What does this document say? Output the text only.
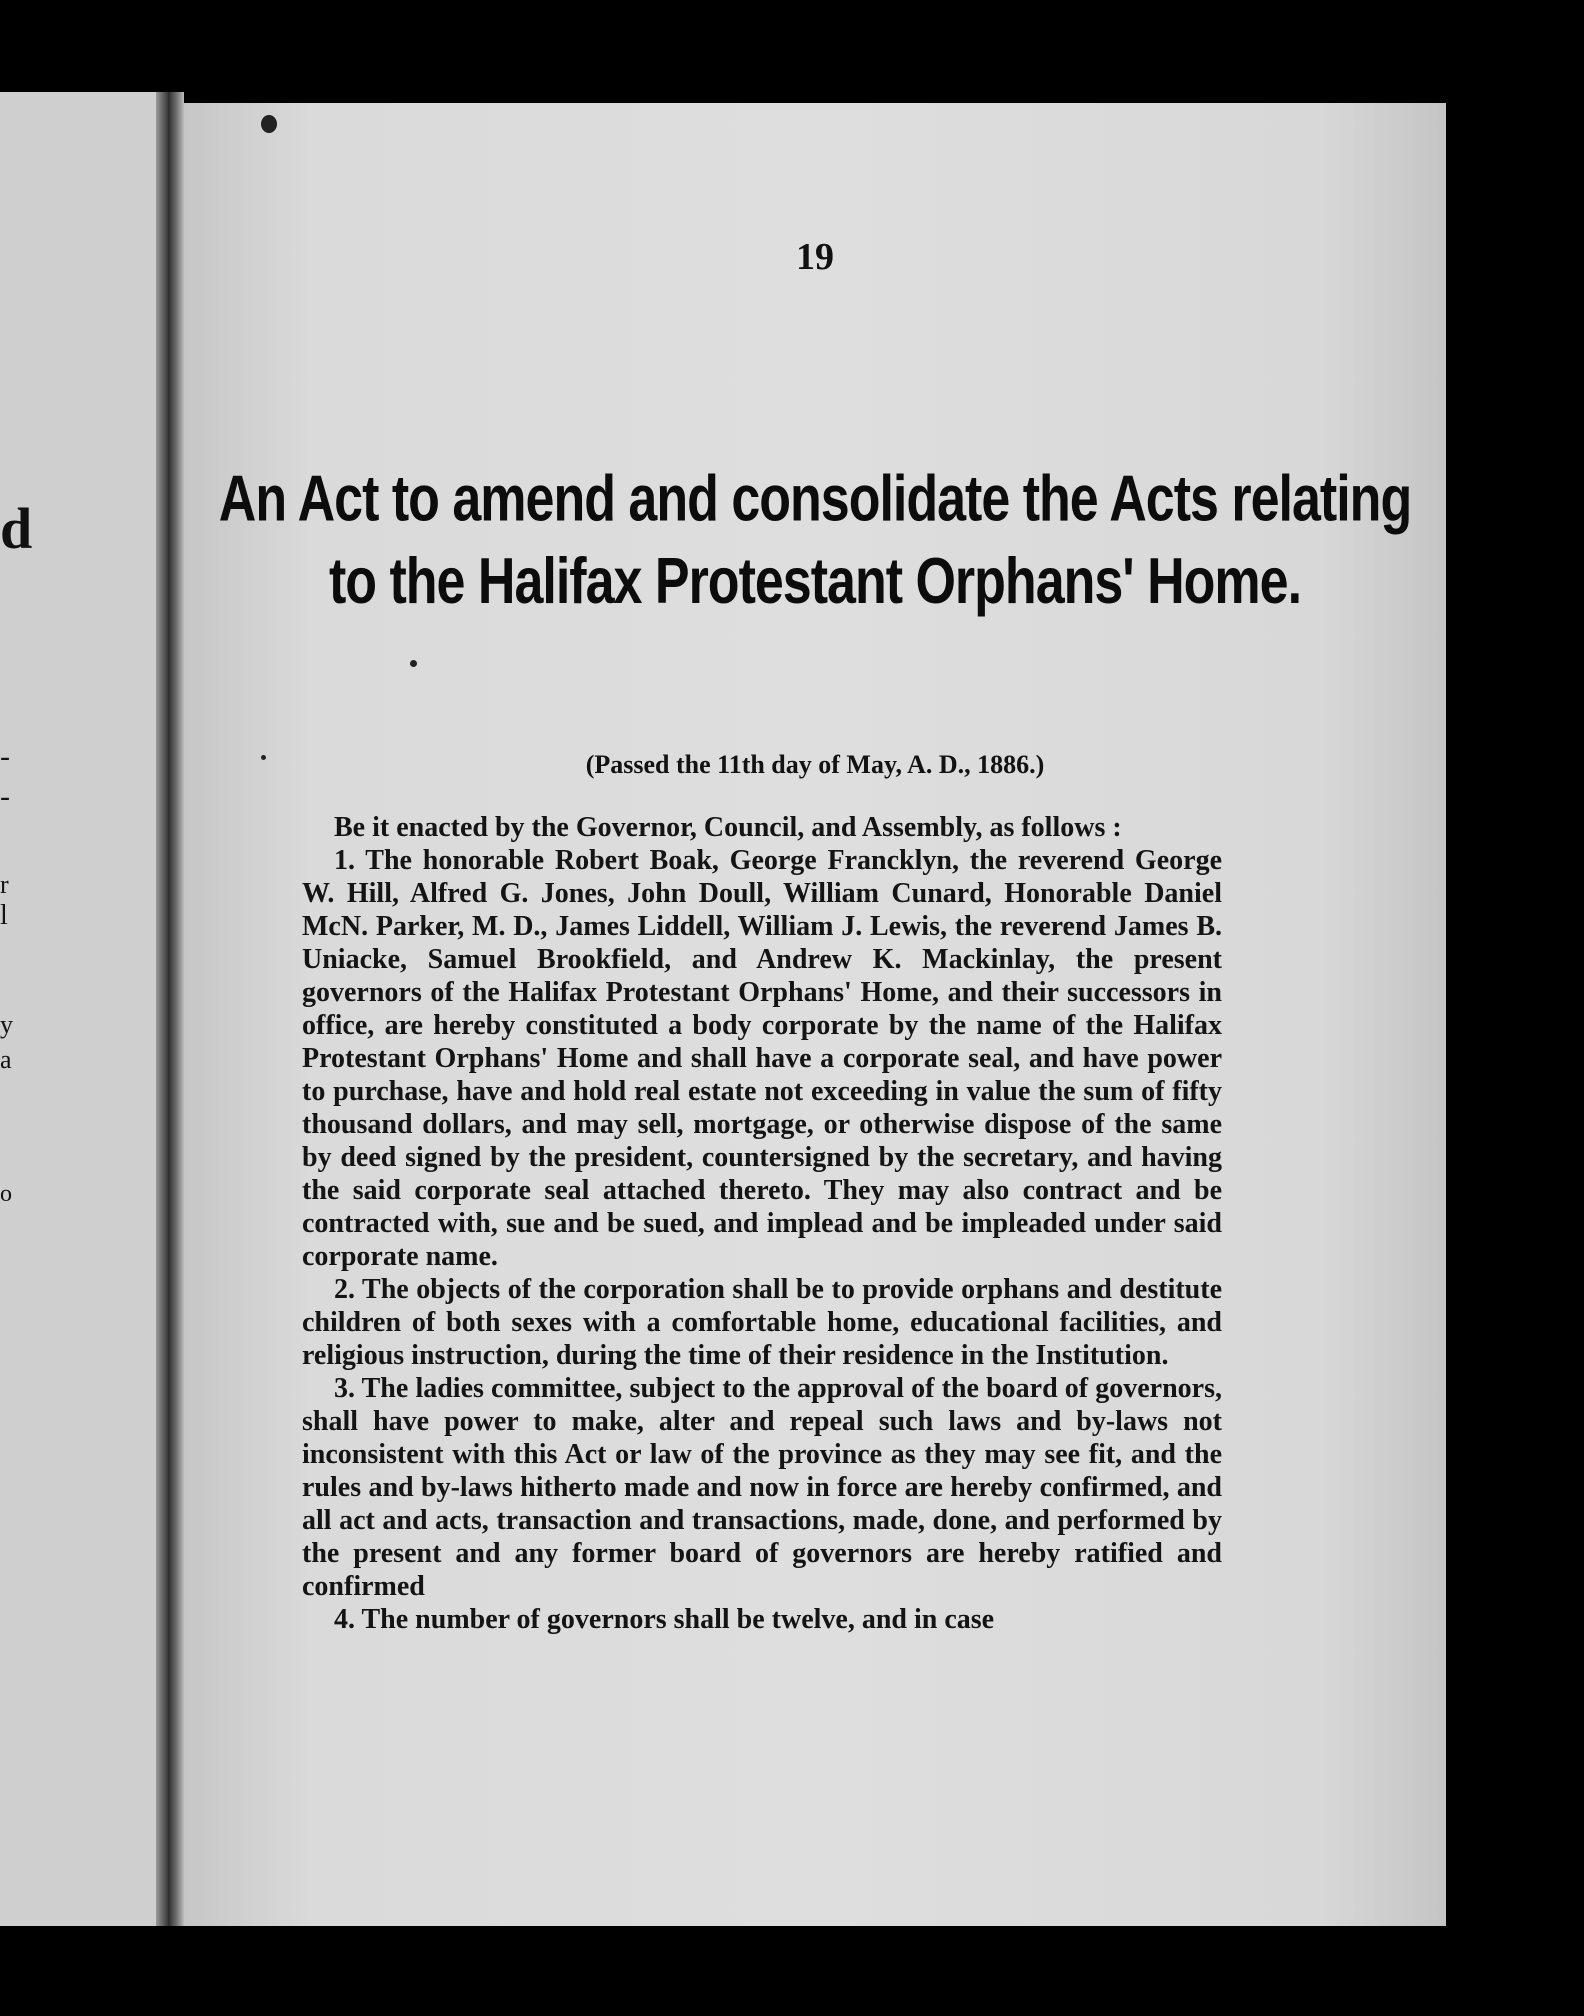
d
-
-
r
l
y
a
o
19
An Act to amend and consolidate the Acts relating
to the Halifax Protestant Orphans' Home.
(Passed the 11th day of May, A. D., 1886.)

Be it enacted by the Governor, Council, and Assembly, as follows :

1. The honorable Robert Boak, George Francklyn, the reverend George W. Hill, Alfred G. Jones, John Doull, William Cunard, Honorable Daniel McN. Parker, M. D., James Liddell, William J. Lewis, the reverend James B. Uniacke, Samuel Brookfield, and Andrew K. Mackinlay, the present governors of the Halifax Protestant Orphans' Home, and their successors in office, are hereby constituted a body corporate by the name of the Halifax Protestant Orphans' Home and shall have a corporate seal, and have power to purchase, have and hold real estate not exceeding in value the sum of fifty thousand dollars, and may sell, mortgage, or otherwise dispose of the same by deed signed by the president, countersigned by the secretary, and having the said corporate seal attached thereto. They may also contract and be contracted with, sue and be sued, and implead and be impleaded under said corporate name.

2. The objects of the corporation shall be to provide orphans and destitute children of both sexes with a comfortable home, educational facilities, and religious instruction, during the time of their residence in the Institution.

3. The ladies committee, subject to the approval of the board of governors, shall have power to make, alter and repeal such laws and by-laws not inconsistent with this Act or law of the province as they may see fit, and the rules and by-laws hitherto made and now in force are hereby confirmed, and all act and acts, transaction and transactions, made, done, and performed by the present and any former board of governors are hereby ratified and confirmed

4. The number of governors shall be twelve, and in case
